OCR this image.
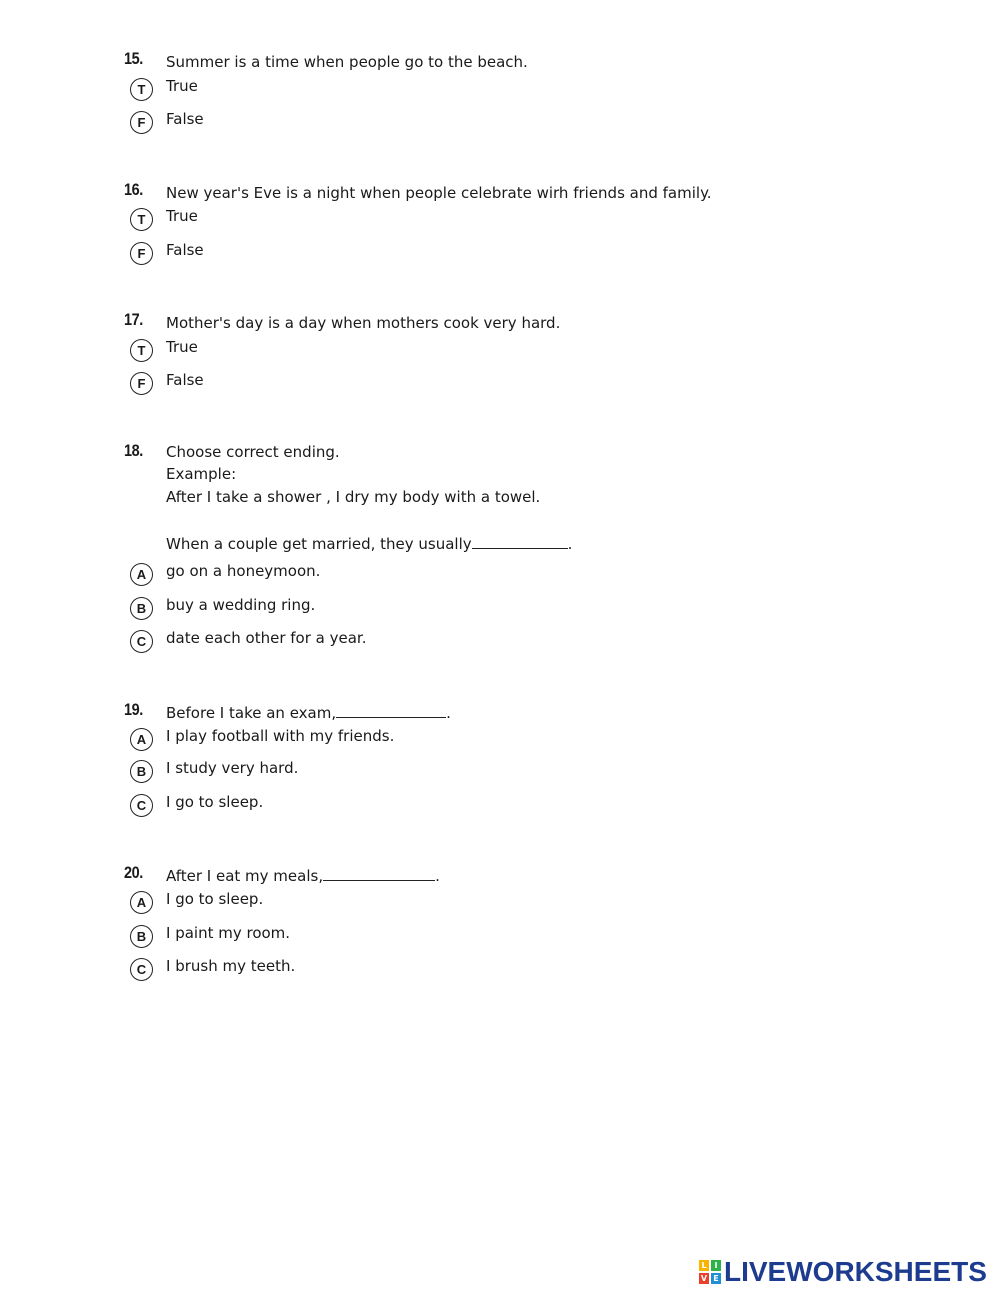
15. Summer is a time when people go to the beach.
T	True
F	False
16. New year's Eve is a night when people celebrate wirh friends and family.
T	True
F	False
17. Mother's day is a day when mothers cook very hard.
T	True
F	False
18. Choose correct ending.
Example:
After I take a shower , I dry my body with a towel.
When a couple get married, they usually	.
A	go on a honeymoon.
B	buy a wedding ring.
C	date each other for a year.
19. Before I take an exam,	.
A	I play football with my friends.
B	I study very hard.
C	I go to sleep.
20. After I eat my meals,	.
A	I go to sleep.
B	I paint my room.
C	I brush my teeth.
L I
V E LIVEWORKSHEETS
